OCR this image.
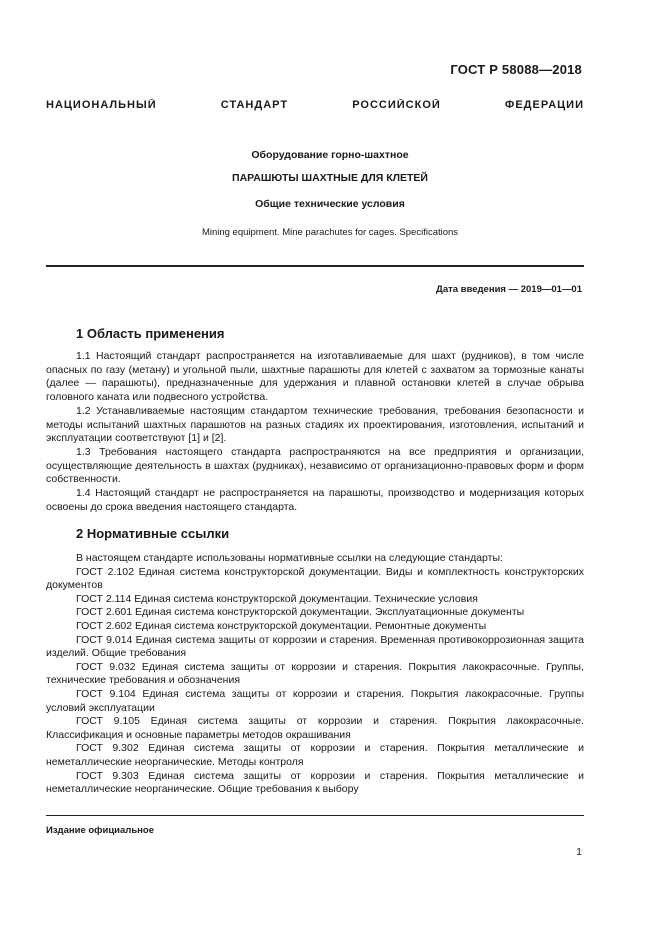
ГОСТ Р 58088—2018
НАЦИОНАЛЬНЫЙ СТАНДАРТ РОССИЙСКОЙ ФЕДЕРАЦИИ
Оборудование горно-шахтное
ПАРАШЮТЫ ШАХТНЫЕ ДЛЯ КЛЕТЕЙ
Общие технические условия
Mining equipment. Mine parachutes for cages. Specifications
Дата введения — 2019—01—01
1 Область применения

1.1 Настоящий стандарт распространяется на изготавливаемые для шахт (рудников), в том числе опасных по газу (метану) и угольной пыли, шахтные парашюты для клетей с захватом за тормозные канаты (далее — парашюты), предназначенные для удержания и плавной остановки клетей в случае обрыва головного каната или подвесного устройства.

1.2 Устанавливаемые настоящим стандартом технические требования, требования безопасности и методы испытаний шахтных парашютов на разных стадиях их проектирования, изготовления, испытаний и эксплуатации соответствуют [1] и [2].

1.3 Требования настоящего стандарта распространяются на все предприятия и организации, осуществляющие деятельность в шахтах (рудниках), независимо от организационно-правовых форм и форм собственности.

1.4 Настоящий стандарт не распространяется на парашюты, производство и модернизация которых освоены до срока введения настоящего стандарта.

2 Нормативные ссылки

В настоящем стандарте использованы нормативные ссылки на следующие стандарты:

ГОСТ 2.102 Единая система конструкторской документации. Виды и комплектность конструкторских документов

ГОСТ 2.114 Единая система конструкторской документации. Технические условия

ГОСТ 2.601 Единая система конструкторской документации. Эксплуатационные документы

ГОСТ 2.602 Единая система конструкторской документации. Ремонтные документы

ГОСТ 9.014 Единая система защиты от коррозии и старения. Временная противокоррозионная защита изделий. Общие требования

ГОСТ 9.032 Единая система защиты от коррозии и старения. Покрытия лакокрасочные. Группы, технические требования и обозначения

ГОСТ 9.104 Единая система защиты от коррозии и старения. Покрытия лакокрасочные. Группы условий эксплуатации

ГОСТ 9.105 Единая система защиты от коррозии и старения. Покрытия лакокрасочные. Классификация и основные параметры методов окрашивания

ГОСТ 9.302 Единая система защиты от коррозии и старения. Покрытия металлические и неметаллические неорганические. Методы контроля

ГОСТ 9.303 Единая система защиты от коррозии и старения. Покрытия металлические и неметаллические неорганические. Общие требования к выбору

Издание официальное
1
